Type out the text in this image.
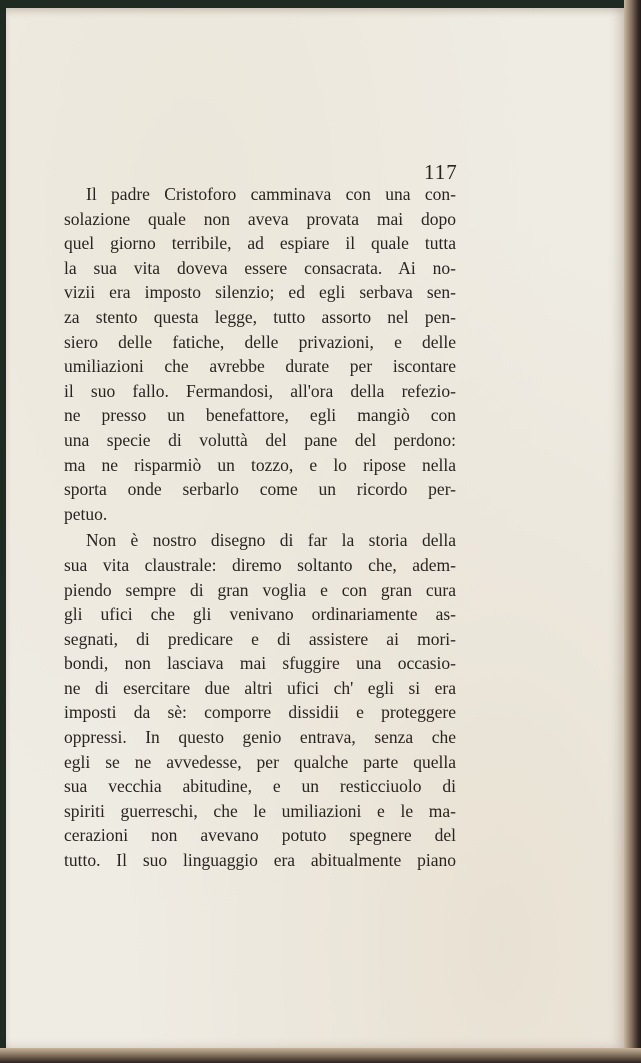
117

Il padre Cristoforo camminava con una con-
solazione quale non aveva provata mai dopo
quel giorno terribile, ad espiare il quale tutta
la sua vita doveva essere consacrata. Ai no-
vizii era imposto silenzio; ed egli serbava sen-
za stento questa legge, tutto assorto nel pen-
siero delle fatiche, delle privazioni, e delle
umiliazioni che avrebbe durate per iscontare
il suo fallo. Fermandosi, all'ora della refezio-
ne presso un benefattore, egli mangiò con
una specie di voluttà del pane del perdono:
ma ne risparmiò un tozzo, e lo ripose nella
sporta onde serbarlo come un ricordo per-
petuo.

Non è nostro disegno di far la storia della
sua vita claustrale: diremo soltanto che, adem-
piendo sempre di gran voglia e con gran cura
gli ufici che gli venivano ordinariamente as-
segnati, di predicare e di assistere ai mori-
bondi, non lasciava mai sfuggire una occasio-
ne di esercitare due altri ufici ch' egli si era
imposti da sè: comporre dissidii e proteggere
oppressi. In questo genio entrava, senza che
egli se ne avvedesse, per qualche parte quella
sua vecchia abitudine, e un resticciuolo di
spiriti guerreschi, che le umiliazioni e le ma-
cerazioni non avevano potuto spegnere del
tutto. Il suo linguaggio era abitualmente piano
